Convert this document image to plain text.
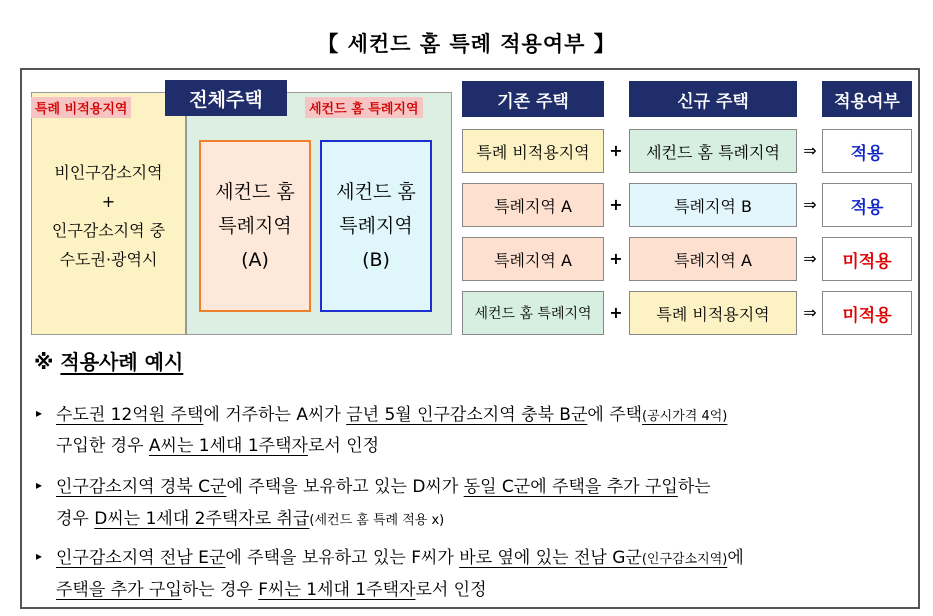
【 세컨드 홈 특례 적용여부 】
특례 비적용지역	세컨드 홈 특례지역
전체주택
비인구감소지역
+
인구감소지역 중
수도권·광역시
세컨드 홈
특례지역
(A)
세컨드 홈
특례지역
(B)
기존 주택	신규 주택	적용여부
특례 비적용지역	+	세컨드 홈 특례지역	⇒	적용
특례지역 A	+	특례지역 B	⇒	적용
특례지역 A	+	특례지역 A	⇒	미적용
세컨드 홈 특례지역	+	특례 비적용지역	⇒	미적용
※ 적용사례 예시
▸ 수도권 12억원 주택에 거주하는 A씨가 금년 5월 인구감소지역 충북 B군에 주택(공시가격 4억)
구입한 경우 A씨는 1세대 1주택자로서 인정
▸ 인구감소지역 경북 C군에 주택을 보유하고 있는 D씨가 동일 C군에 주택을 추가 구입하는
경우 D씨는 1세대 2주택자로 취급(세컨드 홈 특례 적용 x)
▸ 인구감소지역 전남 E군에 주택을 보유하고 있는 F씨가 바로 옆에 있는 전남 G군(인구감소지역)에
주택을 추가 구입하는 경우 F씨는 1세대 1주택자로서 인정
